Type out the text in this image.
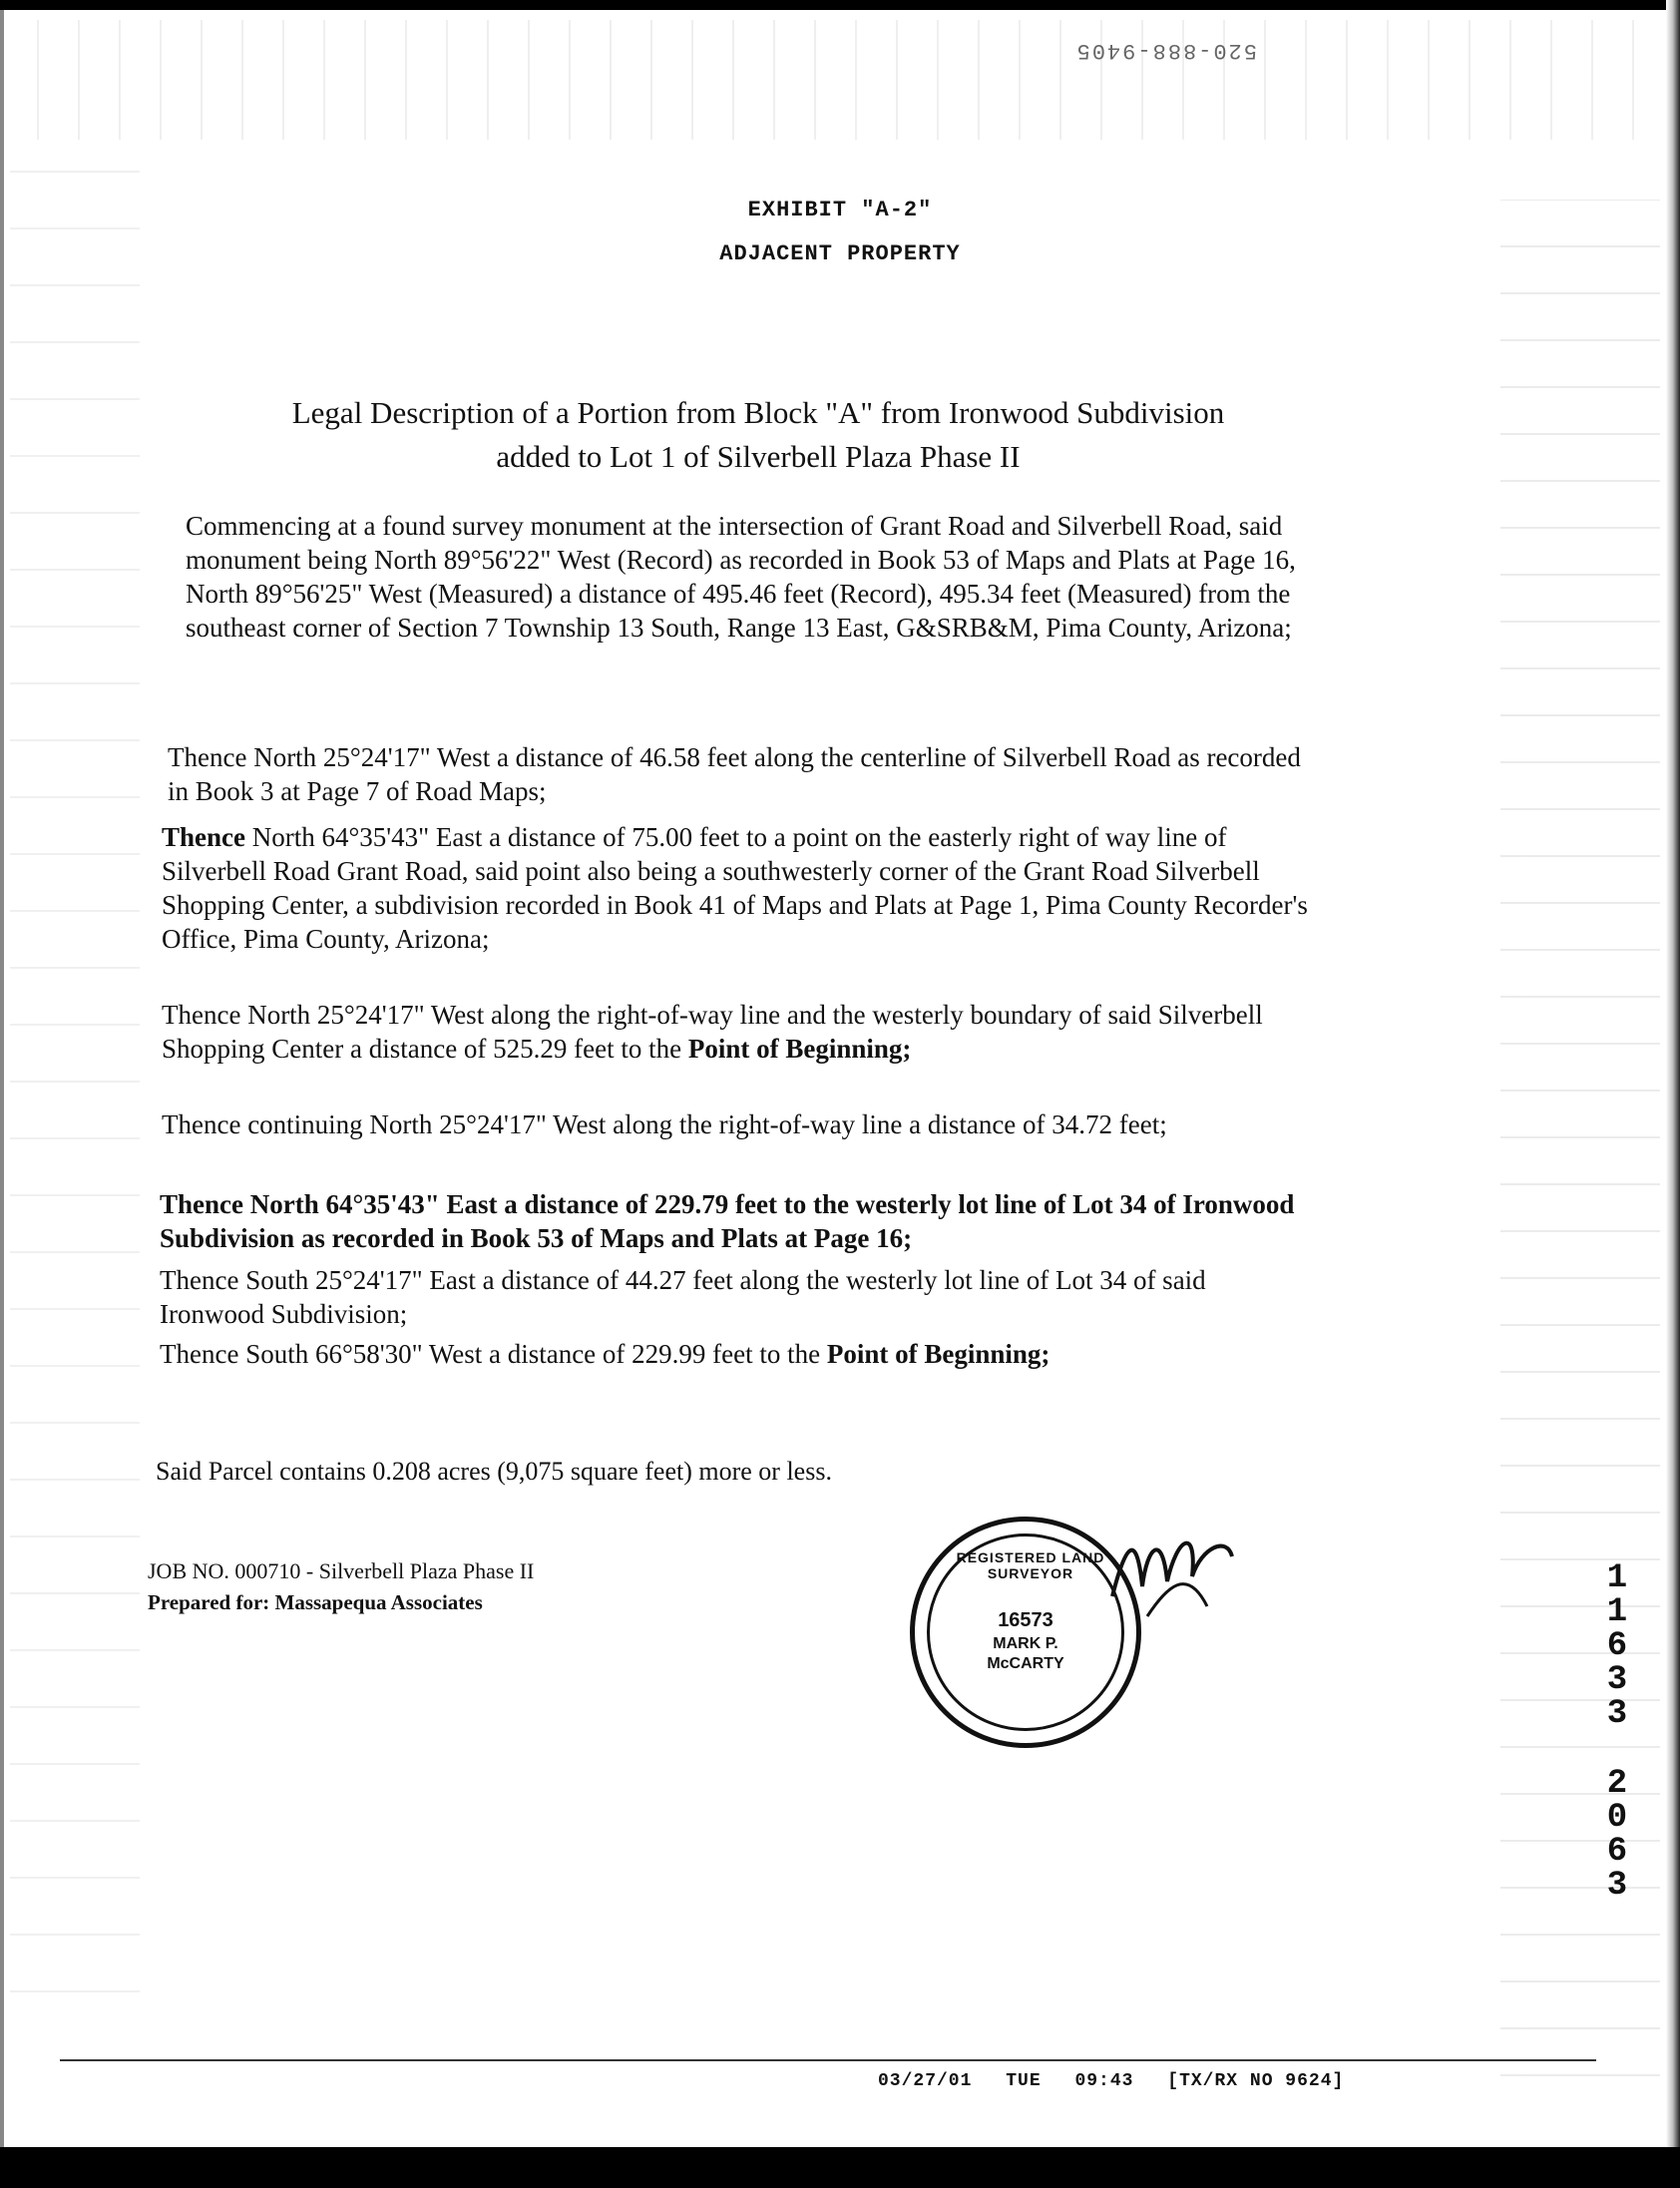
520-888-9405
EXHIBIT "A-2"
ADJACENT PROPERTY
Legal Description of a Portion from Block "A" from Ironwood Subdivision
added to Lot 1 of Silverbell Plaza Phase II
Commencing at a found survey monument at the intersection of Grant Road and Silverbell Road, said monument being North 89°56'22" West (Record) as recorded in Book 53 of Maps and Plats at Page 16, North 89°56'25" West (Measured) a distance of 495.46 feet (Record), 495.34 feet (Measured) from the southeast corner of Section 7 Township 13 South, Range 13 East, G&SRB&M, Pima County, Arizona;
Thence North 25°24'17" West a distance of 46.58 feet along the centerline of Silverbell Road as recorded in Book 3 at Page 7 of Road Maps;
Thence North 64°35'43" East a distance of 75.00 feet to a point on the easterly right of way line of Silverbell Road Grant Road, said point also being a southwesterly corner of the Grant Road Silverbell Shopping Center, a subdivision recorded in Book 41 of Maps and Plats at Page 1, Pima County Recorder's Office, Pima County, Arizona;
Thence North 25°24'17" West along the right-of-way line and the westerly boundary of said Silverbell Shopping Center a distance of 525.29 feet to the Point of Beginning;
Thence continuing North 25°24'17" West along the right-of-way line a distance of 34.72 feet;
Thence North 64°35'43" East a distance of 229.79 feet to the westerly lot line of Lot 34 of Ironwood Subdivision as recorded in Book 53 of Maps and Plats at Page 16;
Thence South 25°24'17" East a distance of 44.27 feet along the westerly lot line of Lot 34 of said Ironwood Subdivision;
Thence South 66°58'30" West a distance of 229.99 feet to the Point of Beginning;
Said Parcel contains 0.208 acres (9,075 square feet) more or less.
JOB NO. 000710 - Silverbell Plaza Phase II
Prepared for: Massapequa Associates
REGISTERED LAND SURVEYOR
16573
MARK P.
McCARTY
1
1
6
3
3
2
0
6
3
03/27/01 TUE 09:43 [TX/RX NO 9624]
